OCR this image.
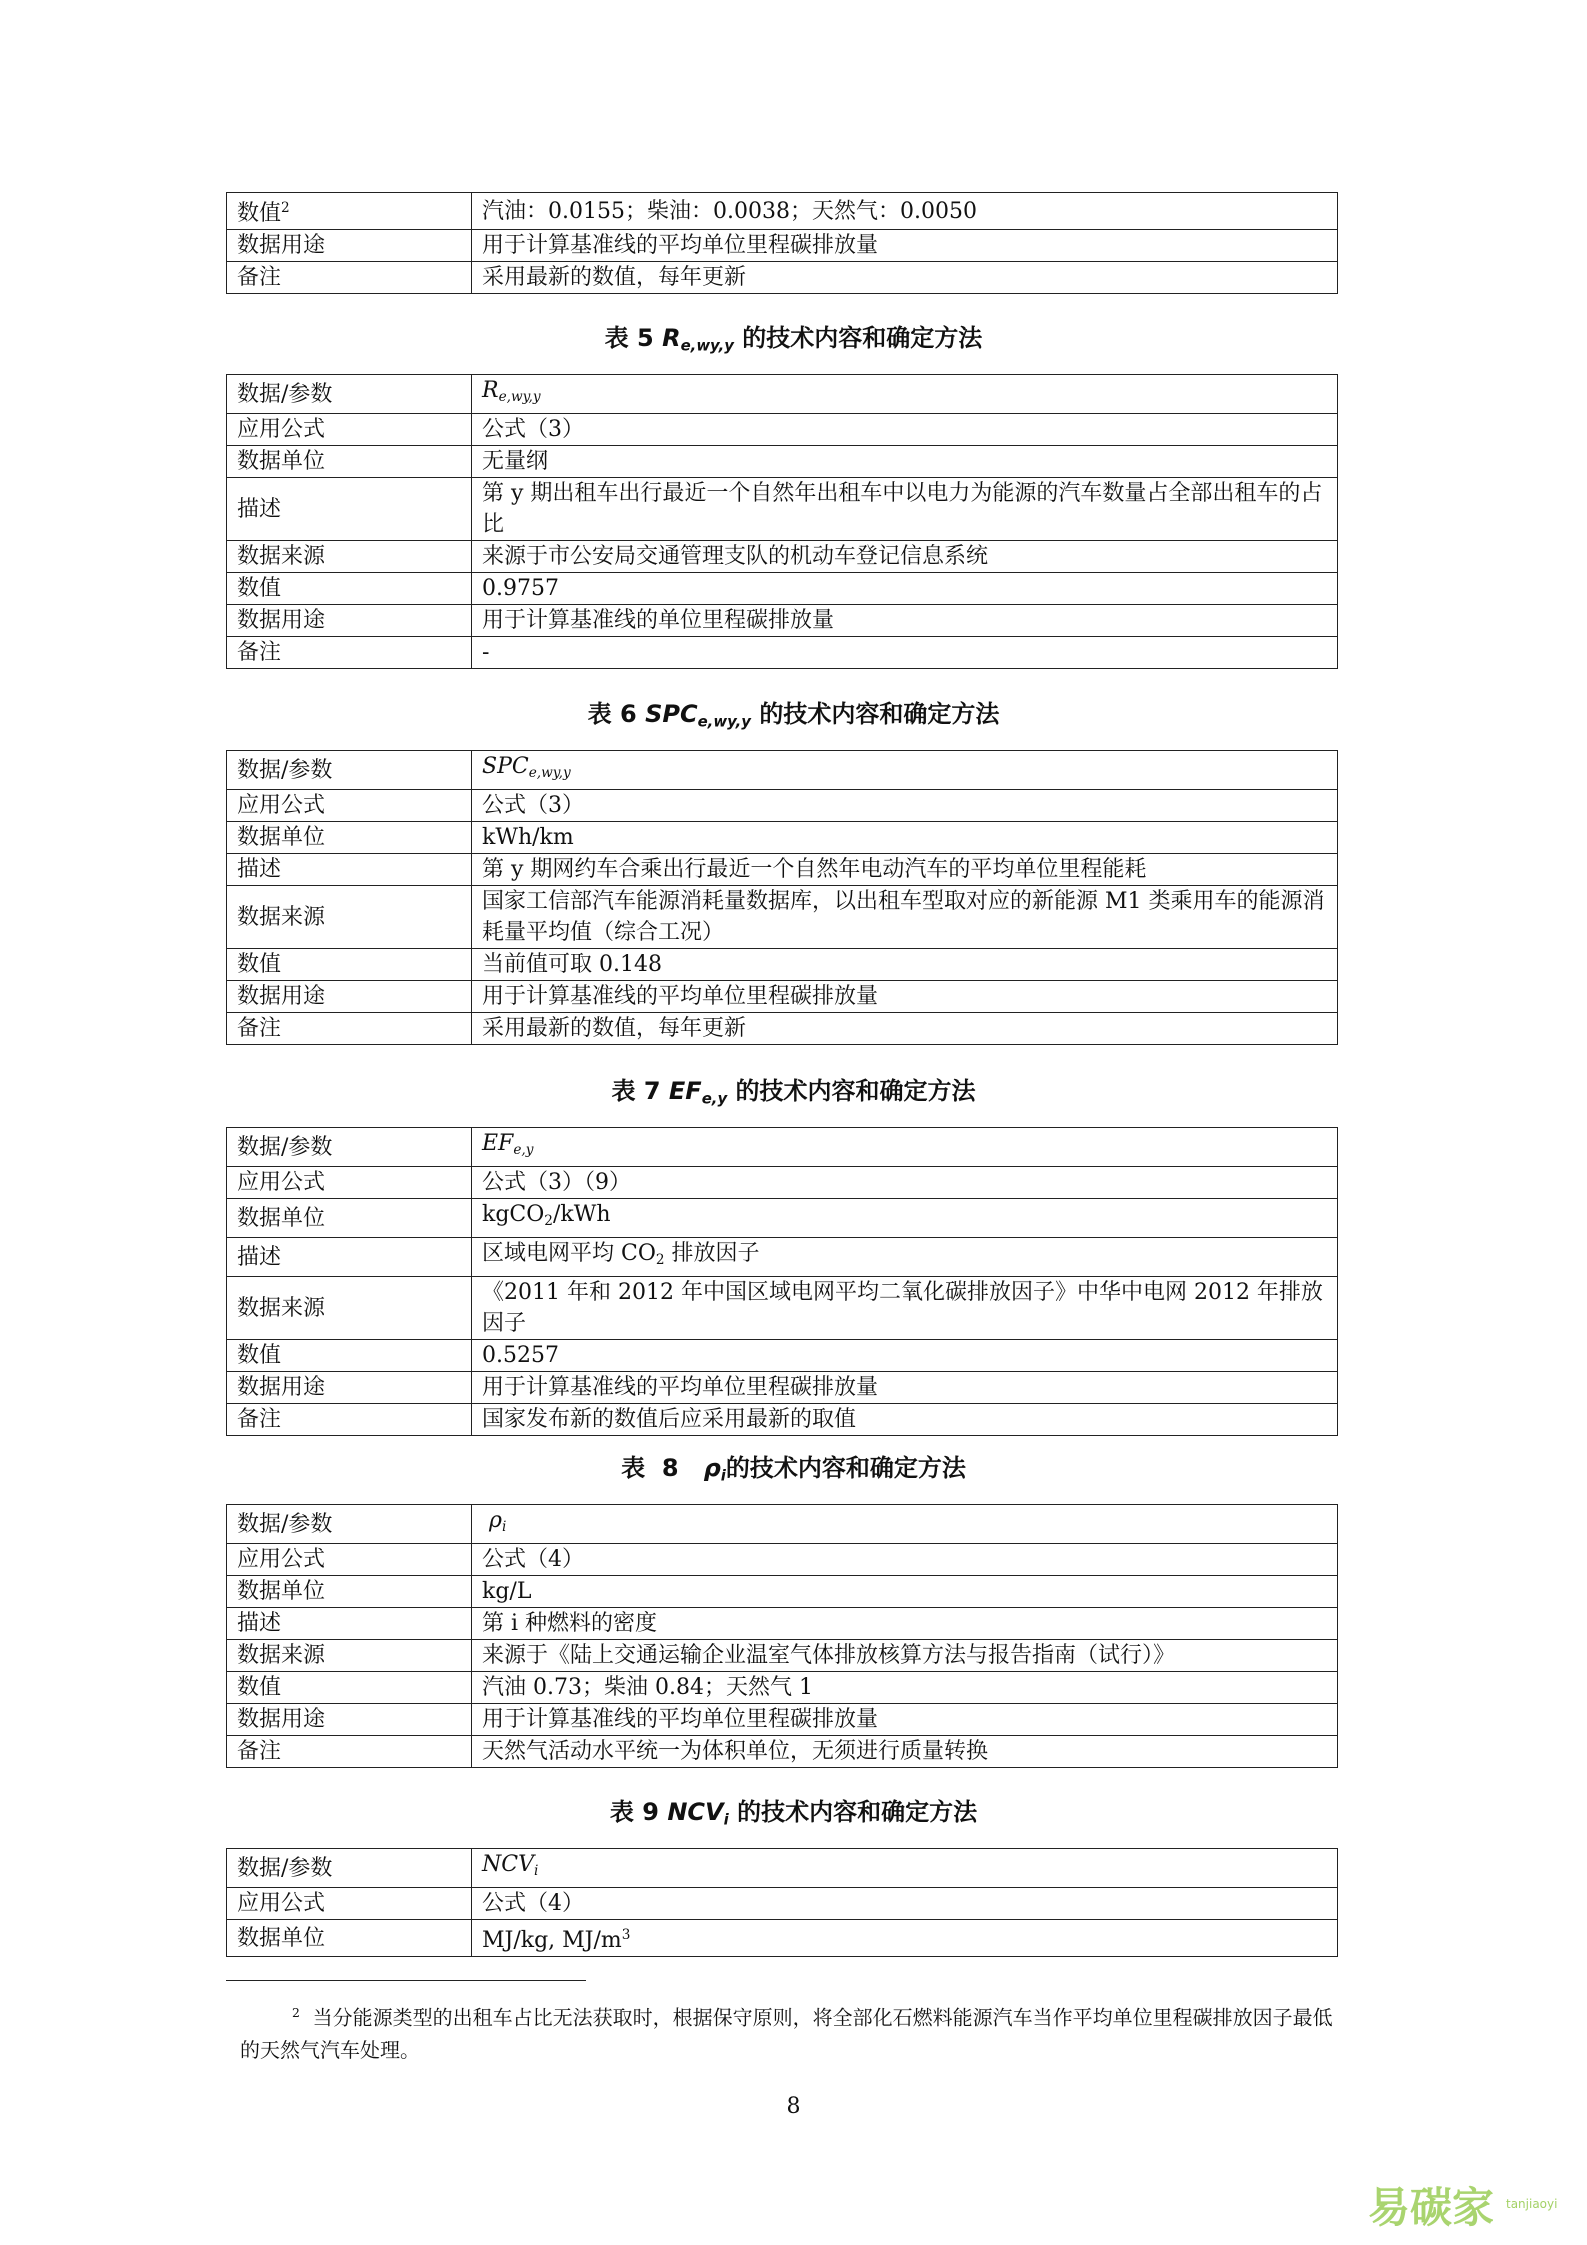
数值$^2$	汽油：0.0155；柴油：0.0038；天然气：0.0050
数据用途	用于计算基准线的平均单位里程碳排放量
备注	采用最新的数值，每年更新
表 5 $R_{e,wy,y}$ 的技术内容和确定方法
数据/参数	$R_{e,wy,y}$
应用公式	公式（3）
数据单位	无量纲
描述	第 y 期出租车出行最近一个自然年出租车中以电力为能源的汽车数量占全部出租车的占比
数据来源	来源于市公安局交通管理支队的机动车登记信息系统
数值	0.9757
数据用途	用于计算基准线的单位里程碳排放量
备注	-
表 6 $SPC_{e,wy,y}$ 的技术内容和确定方法
数据/参数	$SPC_{e,wy,y}$
应用公式	公式（3）
数据单位	kWh/km
描述	第 y 期网约车合乘出行最近一个自然年电动汽车的平均单位里程能耗
数据来源	国家工信部汽车能源消耗量数据库，以出租车型取对应的新能源 M1 类乘用车的能源消耗量平均值（综合工况）
数值	当前值可取 0.148
数据用途	用于计算基准线的平均单位里程碳排放量
备注	采用最新的数值，每年更新
表 7 $EF_{e,y}$ 的技术内容和确定方法
数据/参数	$EF_{e,y}$
应用公式	公式（3）（9）
数据单位	kgCO$_2$/kWh
描述	区域电网平均 $CO_2$ 排放因子
数据来源	《2011 年和 2012 年中国区域电网平均二氧化碳排放因子》中华中电网 2012 年排放因子
数值	0.5257
数据用途	用于计算基准线的平均单位里程碳排放量
备注	国家发布新的数值后应采用最新的取值
表  8   $\rho_i$的技术内容和确定方法
数据/参数	$\rho_i$
应用公式	公式（4）
数据单位	kg/L
描述	第 i 种燃料的密度
数据来源	来源于《陆上交通运输企业温室气体排放核算方法与报告指南（试行）》
数值	汽油 0.73；柴油 0.84；天然气 1
数据用途	用于计算基准线的平均单位里程碳排放量
备注	天然气活动水平统一为体积单位，无须进行质量转换
表 9 $NCV_i$ 的技术内容和确定方法
数据/参数	$NCV_i$
应用公式	公式（4）
数据单位	MJ/kg, $MJ/m^3$
$^2$ 当分能源类型的出租车占比无法获取时，根据保守原则，将全部化石燃料能源汽车当作平均单位里程碳排放因子最低的天然气汽车处理。
8
易碳家 tanjiaoyi
